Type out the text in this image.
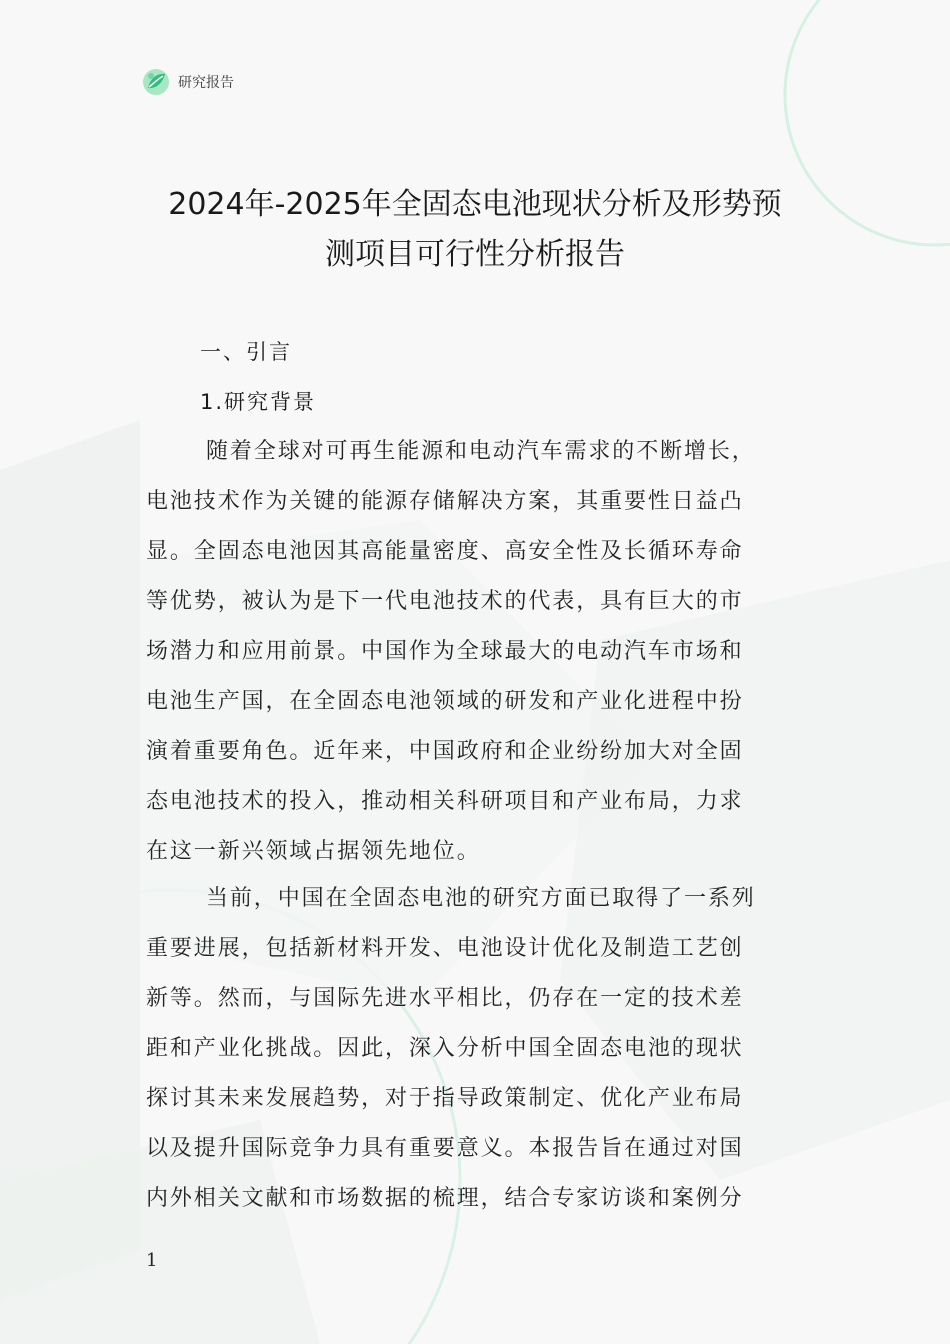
研究报告
2024年-2025年全固态电池现状分析及形势预
测项目可行性分析报告
一、引言
1.研究背景
随着全球对可再生能源和电动汽车需求的不断增长，
电池技术作为关键的能源存储解决方案，其重要性日益凸
显。全固态电池因其高能量密度、高安全性及长循环寿命
等优势，被认为是下一代电池技术的代表，具有巨大的市
场潜力和应用前景。中国作为全球最大的电动汽车市场和
电池生产国，在全固态电池领域的研发和产业化进程中扮
演着重要角色。近年来，中国政府和企业纷纷加大对全固
态电池技术的投入，推动相关科研项目和产业布局，力求
在这一新兴领域占据领先地位。
当前，中国在全固态电池的研究方面已取得了一系列
重要进展，包括新材料开发、电池设计优化及制造工艺创
新等。然而，与国际先进水平相比，仍存在一定的技术差
距和产业化挑战。因此，深入分析中国全固态电池的现状
探讨其未来发展趋势，对于指导政策制定、优化产业布局
以及提升国际竞争力具有重要意义。本报告旨在通过对国
内外相关文献和市场数据的梳理，结合专家访谈和案例分
1
